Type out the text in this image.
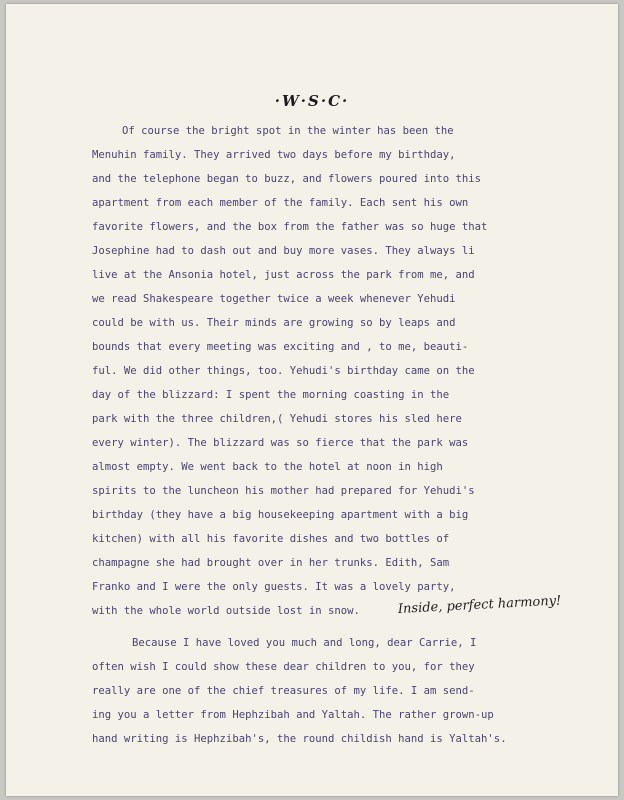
·W·S·C·
Of course the bright spot in the winter has been the
Menuhin family. They arrived two days before my birthday,
and the telephone began to buzz, and flowers poured into this
apartment from each member of the family. Each sent his own
favorite flowers, and the box from the father was so huge that
Josephine had to dash out and buy more vases. They always li
live at the Ansonia hotel, just across the park from me, and
we read Shakespeare together twice a week whenever Yehudi
could be with us. Their minds are growing so by leaps and
bounds that every meeting was exciting and , to me, beauti-
ful. We did other things, too. Yehudi's birthday came on the
day of the blizzard: I spent the morning coasting in the
park with the three children,( Yehudi stores his sled here
every winter). The blizzard was so fierce that the park was
almost empty. We went back to the hotel at noon in high
spirits to the luncheon his mother had prepared for Yehudi's
birthday (they have a big housekeeping apartment with a big
kitchen) with all his favorite dishes and two bottles of
champagne she had brought over in her trunks. Edith, Sam
Franko and I were the only guests. It was a lovely party,
with the whole world outside lost in snow.	Inside, perfect harmony!
Because I have loved you much and long, dear Carrie, I
often wish I could show these dear children to you, for they
really are one of the chief treasures of my life. I am send-
ing you a letter from Hephzibah and Yaltah. The rather grown-up
hand writing is Hephzibah's, the round childish hand is Yaltah's.
